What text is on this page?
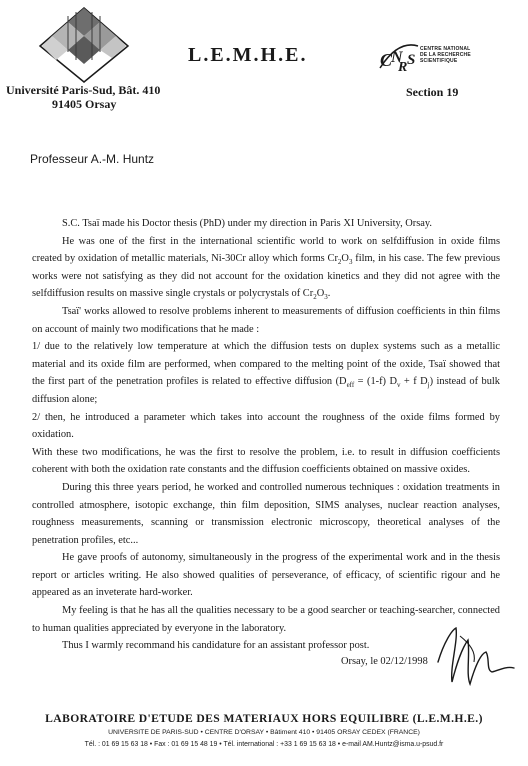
L.E.M.H.E.	C
N
R S
CENTRE NATIONAL
DE LA RECHERCHE
SCIENTIFIQUE
Université Paris-Sud, Bât. 410
91405 Orsay
Section 19
Professeur A.-M. Huntz

S.C. Tsaï made his Doctor thesis (PhD) under my direction in Paris XI University, Orsay.

He was one of the first in the international scientific world to work on selfdiffusion in oxide films created by oxidation of metallic materials, Ni-30Cr alloy which forms $Cr_2O_3$ film, in his case. The few previous works were not satisfying as they did not account for the oxidation kinetics and they did not agree with the selfdiffusion results on massive single crystals or polycrystals of $Cr_2O_3$.

Tsaï' works allowed to resolve problems inherent to measurements of diffusion coefficients in thin films on account of mainly two modifications that he made :

1/ due to the relatively low temperature at which the diffusion tests on duplex systems such as a metallic material and its oxide film are performed, when compared to the melting point of the oxide, Tsaï showed that the first part of the penetration profiles is related to effective diffusion ($D_{eff} = (1-f) D_v + f$ $D_j$) instead of bulk diffusion alone;

2/ then, he introduced a parameter which takes into account the roughness of the oxide films formed by oxidation.

With these two modifications, he was the first to resolve the problem, i.e. to result in diffusion coefficients coherent with both the oxidation rate constants and the diffusion coefficients obtained on massive oxides.

During this three years period, he worked and controlled numerous techniques : oxidation treatments in controlled atmosphere, isotopic exchange, thin film deposition, SIMS analyses, nuclear reaction analyses, roughness measurements, scanning or transmission electronic microscopy, theoretical analyses of the penetration profiles, etc...

He gave proofs of autonomy, simultaneously in the progress of the experimental work and in the thesis report or articles writing. He also showed qualities of perseverance, of efficacy, of scientific rigour and he appeared as an inveterate hard-worker.

My feeling is that he has all the qualities necessary to be a good searcher or teaching-searcher, connected to human qualities appreciated by everyone in the laboratory.

Thus I warmly recommand his candidature for an assistant professor post.

Orsay, le 02/12/1998
LABORATOIRE D'ETUDE DES MATERIAUX HORS EQUILIBRE (L.E.M.H.E.)
UNIVERSITE DE PARIS-SUD • CENTRE D'ORSAY • Bâtiment 410 • 91405 ORSAY CEDEX (FRANCE)
Tél. : 01 69 15 63 18 • Fax : 01 69 15 48 19 • Tél. international : +33 1 69 15 63 18 • e-mail AM.Huntz@isma.u-psud.fr
